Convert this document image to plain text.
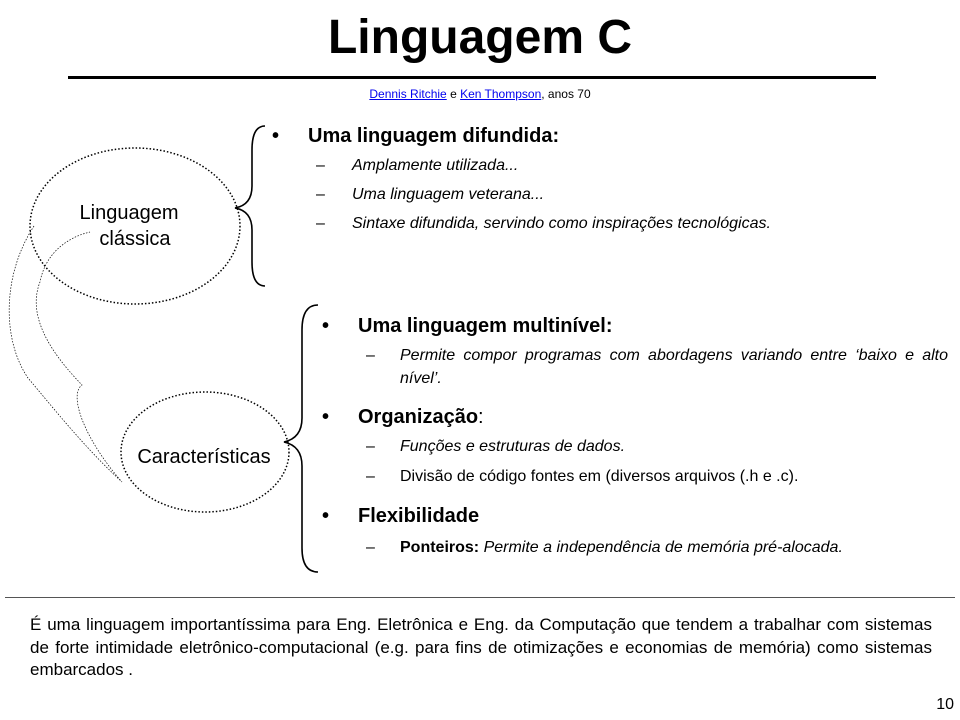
Linguagem C
Dennis Ritchie e Ken Thompson, anos 70
Linguagem
clássica
Características
• Uma linguagem difundida:
–	Amplamente utilizada...
–	Uma linguagem veterana...
–	Sintaxe difundida, servindo como inspirações tecnológicas.
• Uma linguagem multinível:
–	Permite compor programas com abordagens variando entre ‘baixo e alto nível’.
• Organização:
–	Funções e estruturas de dados.
–	Divisão de código fontes em (diversos arquivos (.h e .c).
• Flexibilidade
–	Ponteiros: Permite a independência de memória pré-alocada.
É uma linguagem importantíssima para Eng. Eletrônica e Eng. da Computação que tendem a trabalhar com sistemas de forte intimidade eletrônico-computacional (e.g. para fins de otimizações e economias de memória) como sistemas embarcados .
10
